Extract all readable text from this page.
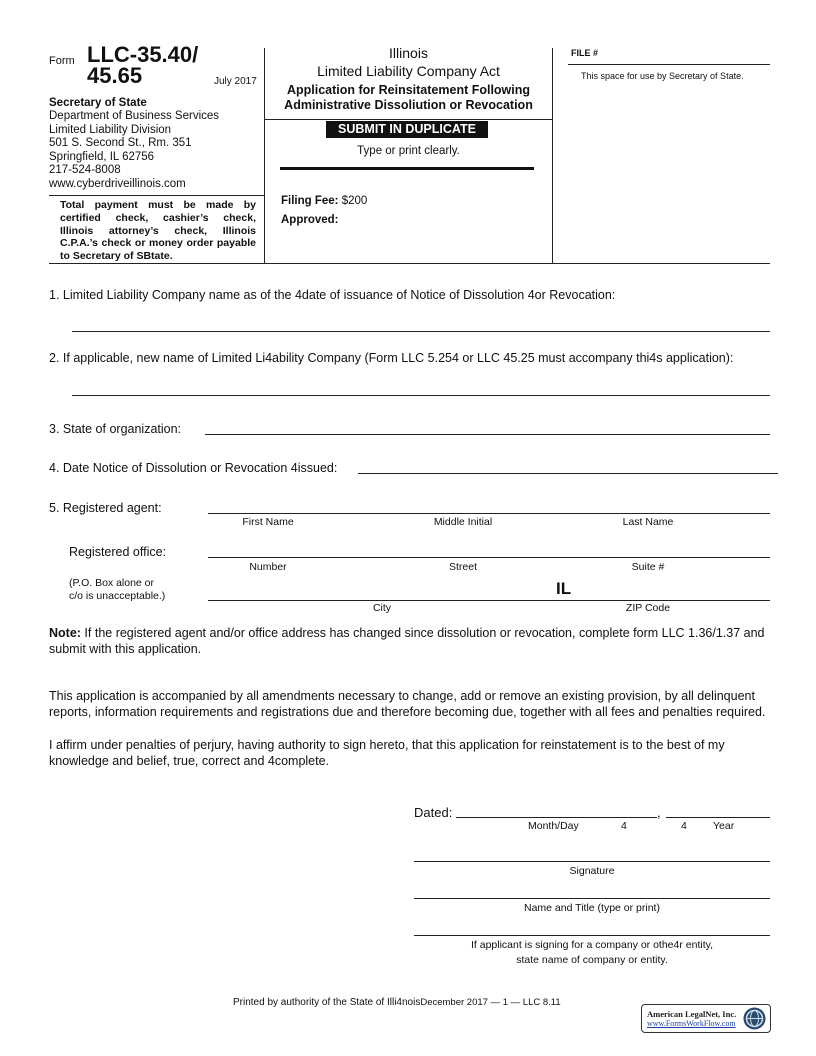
Form LLC-35.40/
45.65	July 2017
Secretary of State
Department of Business Services
Limited Liability Division
501 S. Second St., Rm. 351
Springfield, IL 62756
217-524-8008
www.cyberdriveillinois.com
Total payment must be made by certified check, cashier’s check, Illinois attorney’s check, Illinois C.P.A.’s check or money order payable to Secretary of SBtate.
Illinois
Limited Liability Company Act
Application for Reinsitatement Following
Administrative Dissoliution or Revocation
SUBMIT IN DUPLICATE
Type or print clearly.
Filing Fee: $200
Approved:
FILE #
This space for use by Secretary of State.
1. Limited Liability Company name as of the 4date of issuance of Notice of Dissolution 4or Revocation:
2. If applicable, new name of Limited Li4ability Company (Form LLC 5.254 or LLC 45.25 must accompany thi4s application):
3. State of organization:
4. Date Notice of Dissolution or Revocation 4issued:
5. Registered agent:
First Name	Middle Initial	Last Name
Registered office:
Number	Street	Suite #
(P.O. Box alone or
c/o is unacceptable.)	IL
City	ZIP Code
Note: If the registered agent and/or office address has changed since dissolution or revocation, complete form LLC 1.36/1.37 and submit with this application.
This application is accompanied by all amendments necessary to change, add or remove an existing provision, by all delinquent reports, information requirements and registrations due and therefore becoming due, together with all fees and penalties required.
I affirm under penalties of perjury, having authority to sign hereto, that this application for reinstatement is to the best of my knowledge and belief, true, correct and 4complete.
Dated:	,
Month/Day	4	4 Year
Signature
Name and Title (type or print)
If applicant is signing for a company or othe4r entity,
state name of company or entity.
Printed by authority of the State of Illi4noisDecember 2017 — 1 — LLC 8.11
American LegalNet, Inc.
www.FormsWorkFlow.com
